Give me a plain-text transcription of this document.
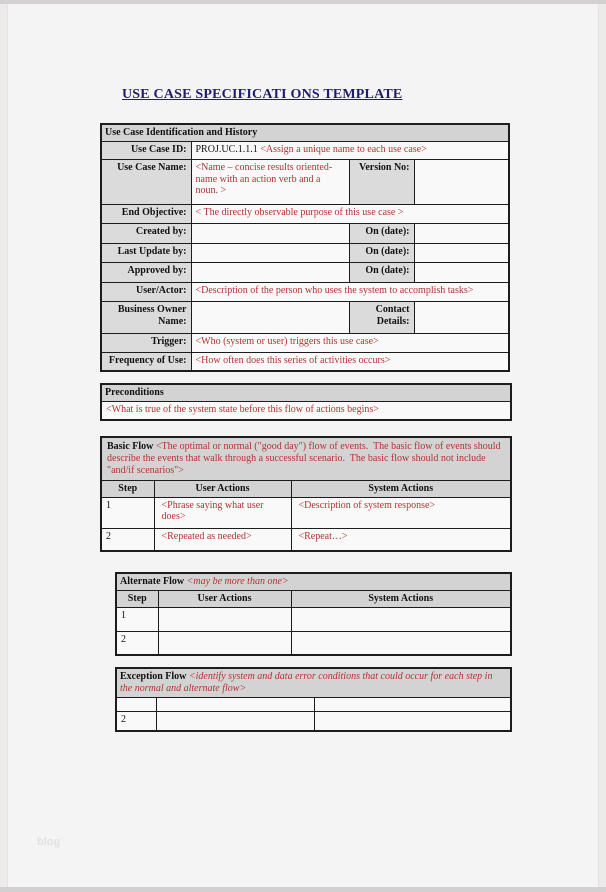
USE CASE SPECIFICATI ONS TEMPLATE
Use Case Identification and History			
Use Case ID:	PROJ.UC.1.1.1 <Assign a unique name to each use case>		
Use Case Name:	<Name – concise results oriented-name with an action verb and a noun. >	Version No:	
End Objective:	< The directly observable purpose of this use case >		
Created by:		On (date):	
Last Update by:		On (date):	
Approved by:		On (date):	
User/Actor:	<Description of the person who uses the system to accomplish tasks>		
Business Owner Name:		Contact Details:	
Trigger:	<Who (system or user) triggers this use case>		
Frequency of Use:	<How often does this series of activities occurs>		
Preconditions
<What is true of the system state before this flow of actions begins>
Basic Flow <The optimal or normal ("good day") flow of events.  The basic flow of events should describe the events that walk through a successful scenario.  The basic flow should not include "and/if scenarios">		
Step	User Actions	System Actions
1	<Phrase saying what user does>	<Description of system response>
2	<Repeated as needed>	<Repeat…>
Alternate Flow <may be more than one>		
Step	User Actions	System Actions
1		
2		
Exception Flow <identify system and data error conditions that could occur for each step in the normal and alternate flow>		

2		
blog
